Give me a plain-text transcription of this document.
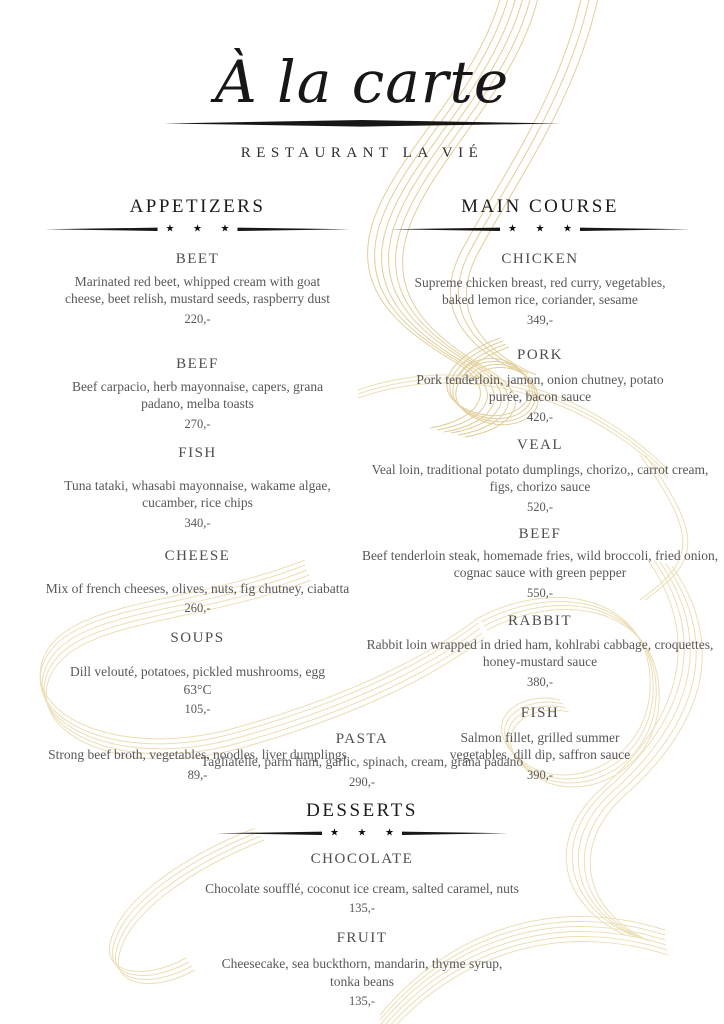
À la carte
RESTAURANT LA VIÉ
APPETIZERS
★ ★ ★
BEET
Marinated red beet, whipped cream with goat
cheese, beet relish, mustard seeds, raspberry dust
220,-
BEEF
Beef carpacio, herb mayonnaise, capers, grana
padano, melba toasts
270,-
FISH
Tuna tataki, whasabi mayonnaise, wakame algae,
cucamber, rice chips
340,-
CHEESE
Mix of french cheeses, olives, nuts, fig chutney, ciabatta
260,-
SOUPS
Dill velouté, potatoes, pickled mushrooms, egg
63°C
105,-
Strong beef broth, vegetables, noodles, liver dumplings
89,-
MAIN COURSE
★ ★ ★
CHICKEN
Supreme chicken breast, red curry, vegetables,
baked lemon rice, coriander, sesame
349,-
PORK
Pork tenderloin, jamon, onion chutney, potato
purée, bacon sauce
420,-
VEAL
Veal loin, traditional potato dumplings, chorizo,, carrot cream,
figs, chorizo sauce
520,-
BEEF
Beef tenderloin steak, homemade fries, wild broccoli, fried onion,
cognac sauce with green pepper
550,-
RABBIT
Rabbit loin wrapped in dried ham, kohlrabi cabbage, croquettes,
honey-mustard sauce
380,-
FISH
Salmon fillet, grilled summer
vegetables, dill dip, saffron sauce
390,-
PASTA
Tagliatelle, parm ham, garlic, spinach, cream, grana padano
290,-
DESSERTS
★ ★ ★
CHOCOLATE
Chocolate soufflé, coconut ice cream, salted caramel, nuts
135,-
FRUIT
Cheesecake, sea buckthorn, mandarin, thyme syrup,
tonka beans
135,-
